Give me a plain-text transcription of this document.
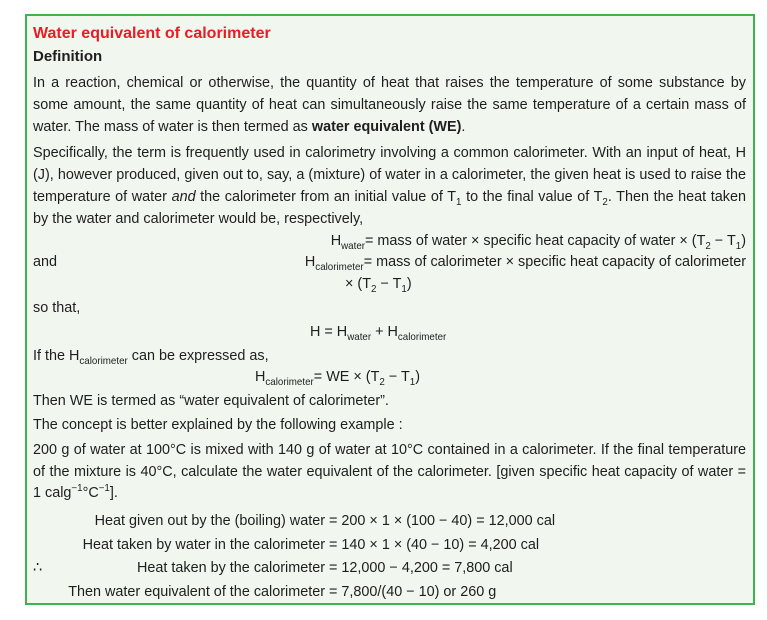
Water equivalent of calorimeter
Definition

In a reaction, chemical or otherwise, the quantity of heat that raises the temperature of some substance by some amount, the same quantity of heat can simultaneously raise the same temperature of a certain mass of water. The mass of water is then termed as water equivalent (WE).

Specifically, the term is frequently used in calorimetry involving a common calorimeter. With an input of heat, H (J), however produced, given out to, say, a (mixture) of water in a calorimeter, the given heat is used to raise the temperature of water and the calorimeter from an initial value of $T_1$ to the final value of $T_2$. Then the heat taken by the water and calorimeter would be, respectively,

$H_{water}=$ mass of water × specific heat capacity of water × $(T_2 - T_1)$
and	$H_{calorimeter}=$ mass of calorimeter × specific heat capacity of calorimeter
× $(T_2 - T_1)$
so that,
$H = H_{water} + H_{calorimeter}$
If the $H_{calorimeter}$ can be expressed as,
$H_{calorimeter}=$ WE × $(T_2 - T_1)$
Then WE is termed as “water equivalent of calorimeter”.
The concept is better explained by the following example :

200 g of water at 100°C is mixed with 140 g of water at 10°C contained in a calorimeter. If the final temperature of the mixture is 40°C, calculate the water equivalent of the calorimeter. [given specific heat capacity of water = 1 $calg^{-1}^\circ C^{-1}$].

Heat given out by the (boiling) water = 200 × 1 × (100 − 40) = 12,000 cal
Heat taken by water in the calorimeter = 140 × 1 × (40 − 10) = 4,200 cal
∴	Heat taken by the calorimeter = 12,000 − 4,200 = 7,800 cal
Then water equivalent of the calorimeter = 7,800/(40 − 10) or 260 g
